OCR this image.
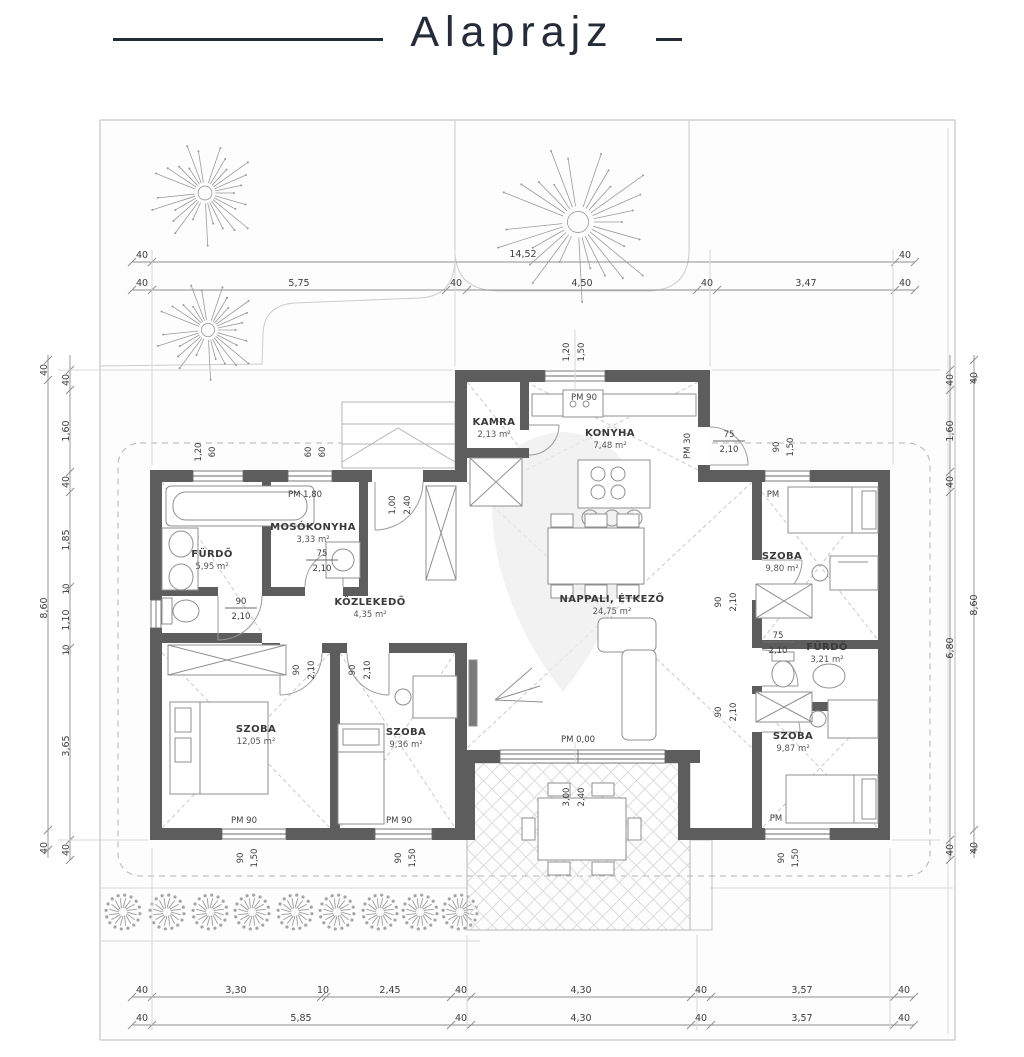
Alaprajz
40	14,52	40
40	5,75	40	4,50	40	3,47	40
40	3,30	10	2,45	40	4,30	40	3,57	40
40	5,85	40	4,30	40	3,57	40
40
8,60
40
40
1,60
40
1,85
10
1,10
10
3,65
40
40
1,60
40
6,80
40
40
8,60
40
PM 1,80
PM 90
PM 90	PM 90	PM
PM
PM 0,00
PM 30
1,20 1,50
1,20 60	60 60
1,00 2,40
90 2,10	90 2,10
90 1,50
90 2,10
90 2,10
3,00 2,40
90 1,50	90 1,50	90 1,50
75
2,10
90
2,10
75
2,10
75
2,10
FÜRDŐ
5,95 m²
MOSÓKONYHA
3,33 m²
KÖZLEKEDŐ
4,35 m²
KAMRA
2,13 m²	KONYHA
7,48 m²
NAPPALI, ÉTKEZŐ
24,75 m²
SZOBA
9,80 m²
FÜRDŐ
3,21 m²
SZOBA
9,87 m²
SZOBA
12,05 m²
SZOBA
9,36 m²
